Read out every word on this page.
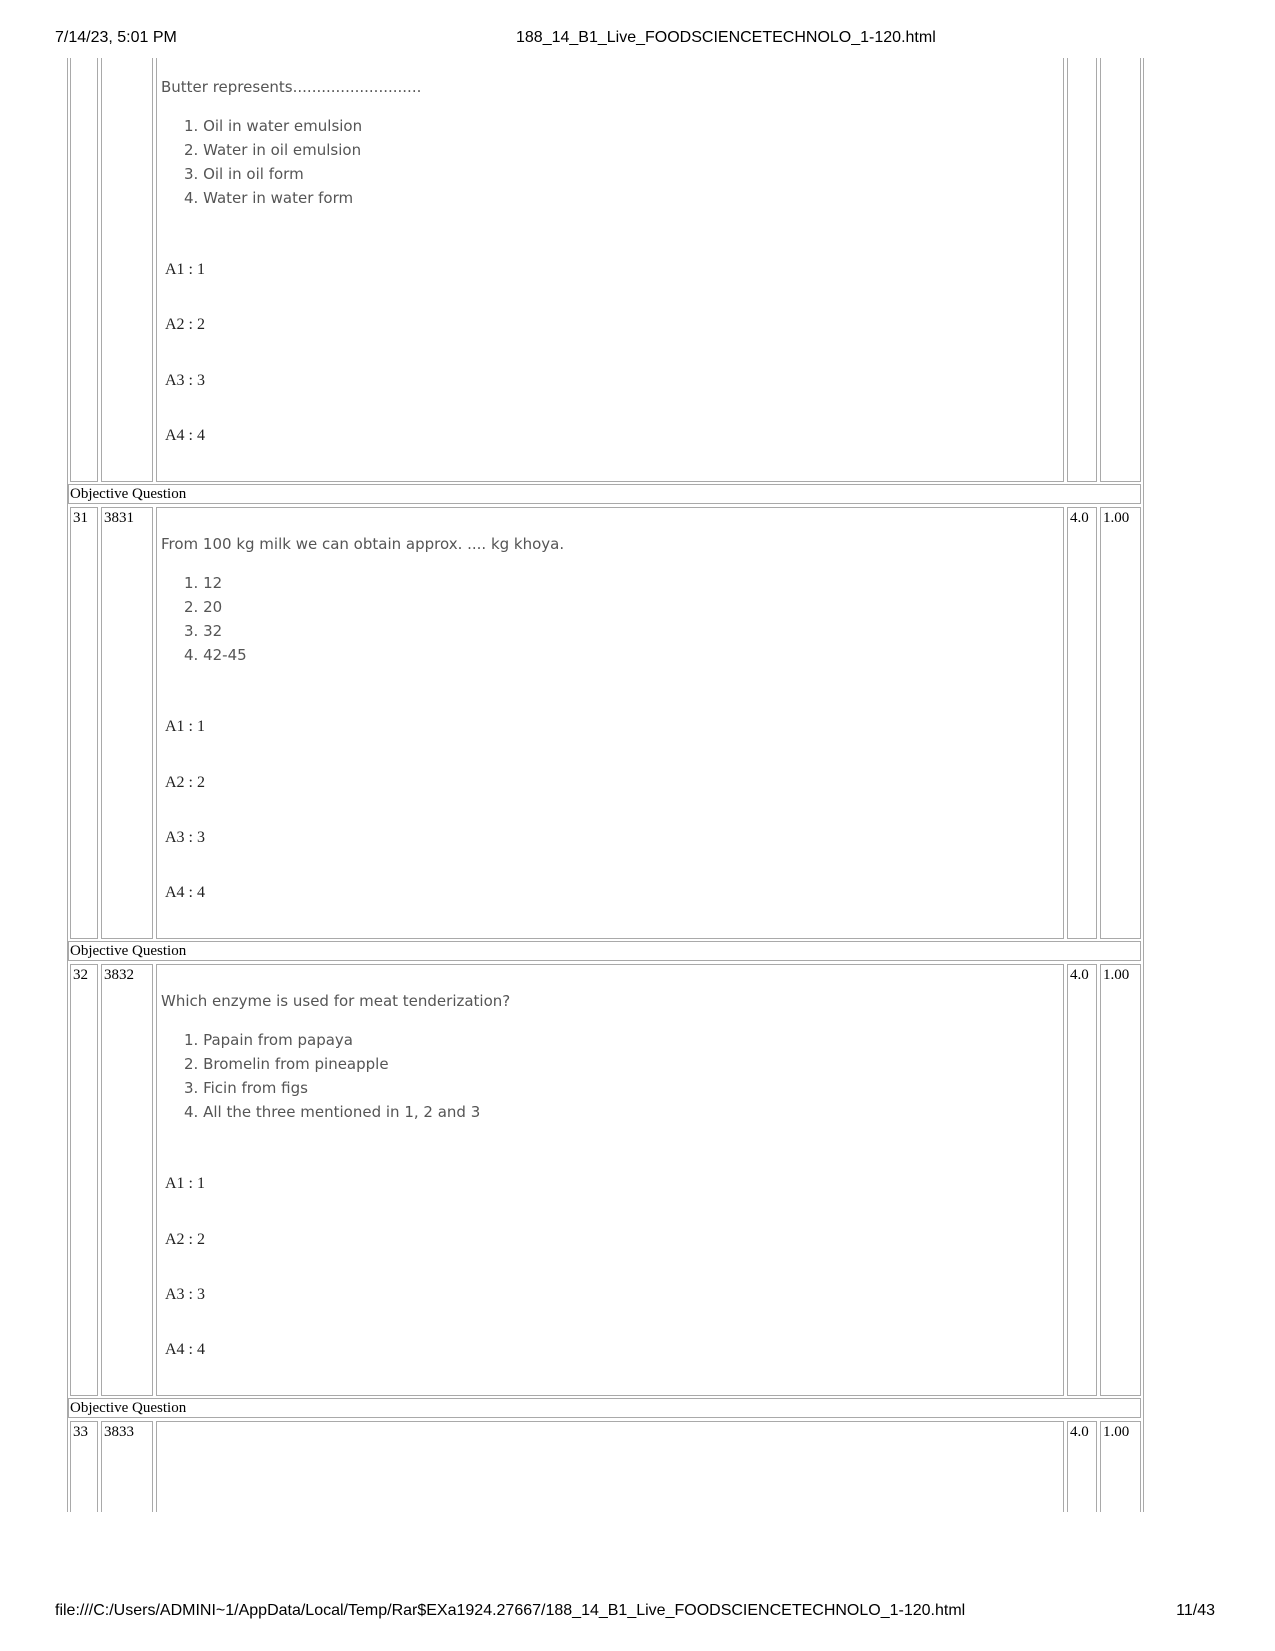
7/14/23, 5:01 PM	188_14_B1_Live_FOODSCIENCETECHNOLO_1-120.html
Butter represents...........................
1. Oil in water emulsion
2. Water in oil emulsion
3. Oil in oil form
4. Water in water form
A1 : 1
A2 : 2
A3 : 3
A4 : 4
Objective Question
31 3831	4.0 1.00
From 100 kg milk we can obtain approx. .... kg khoya.
1. 12
2. 20
3. 32
4. 42-45
A1 : 1
A2 : 2
A3 : 3
A4 : 4
Objective Question
32 3832	4.0 1.00
Which enzyme is used for meat tenderization?
1. Papain from papaya
2. Bromelin from pineapple
3. Ficin from figs
4. All the three mentioned in 1, 2 and 3
A1 : 1
A2 : 2
A3 : 3
A4 : 4
Objective Question
33 3833	4.0 1.00
file:///C:/Users/ADMINI~1/AppData/Local/Temp/Rar$EXa1924.27667/188_14_B1_Live_FOODSCIENCETECHNOLO_1-120.html	11/43
